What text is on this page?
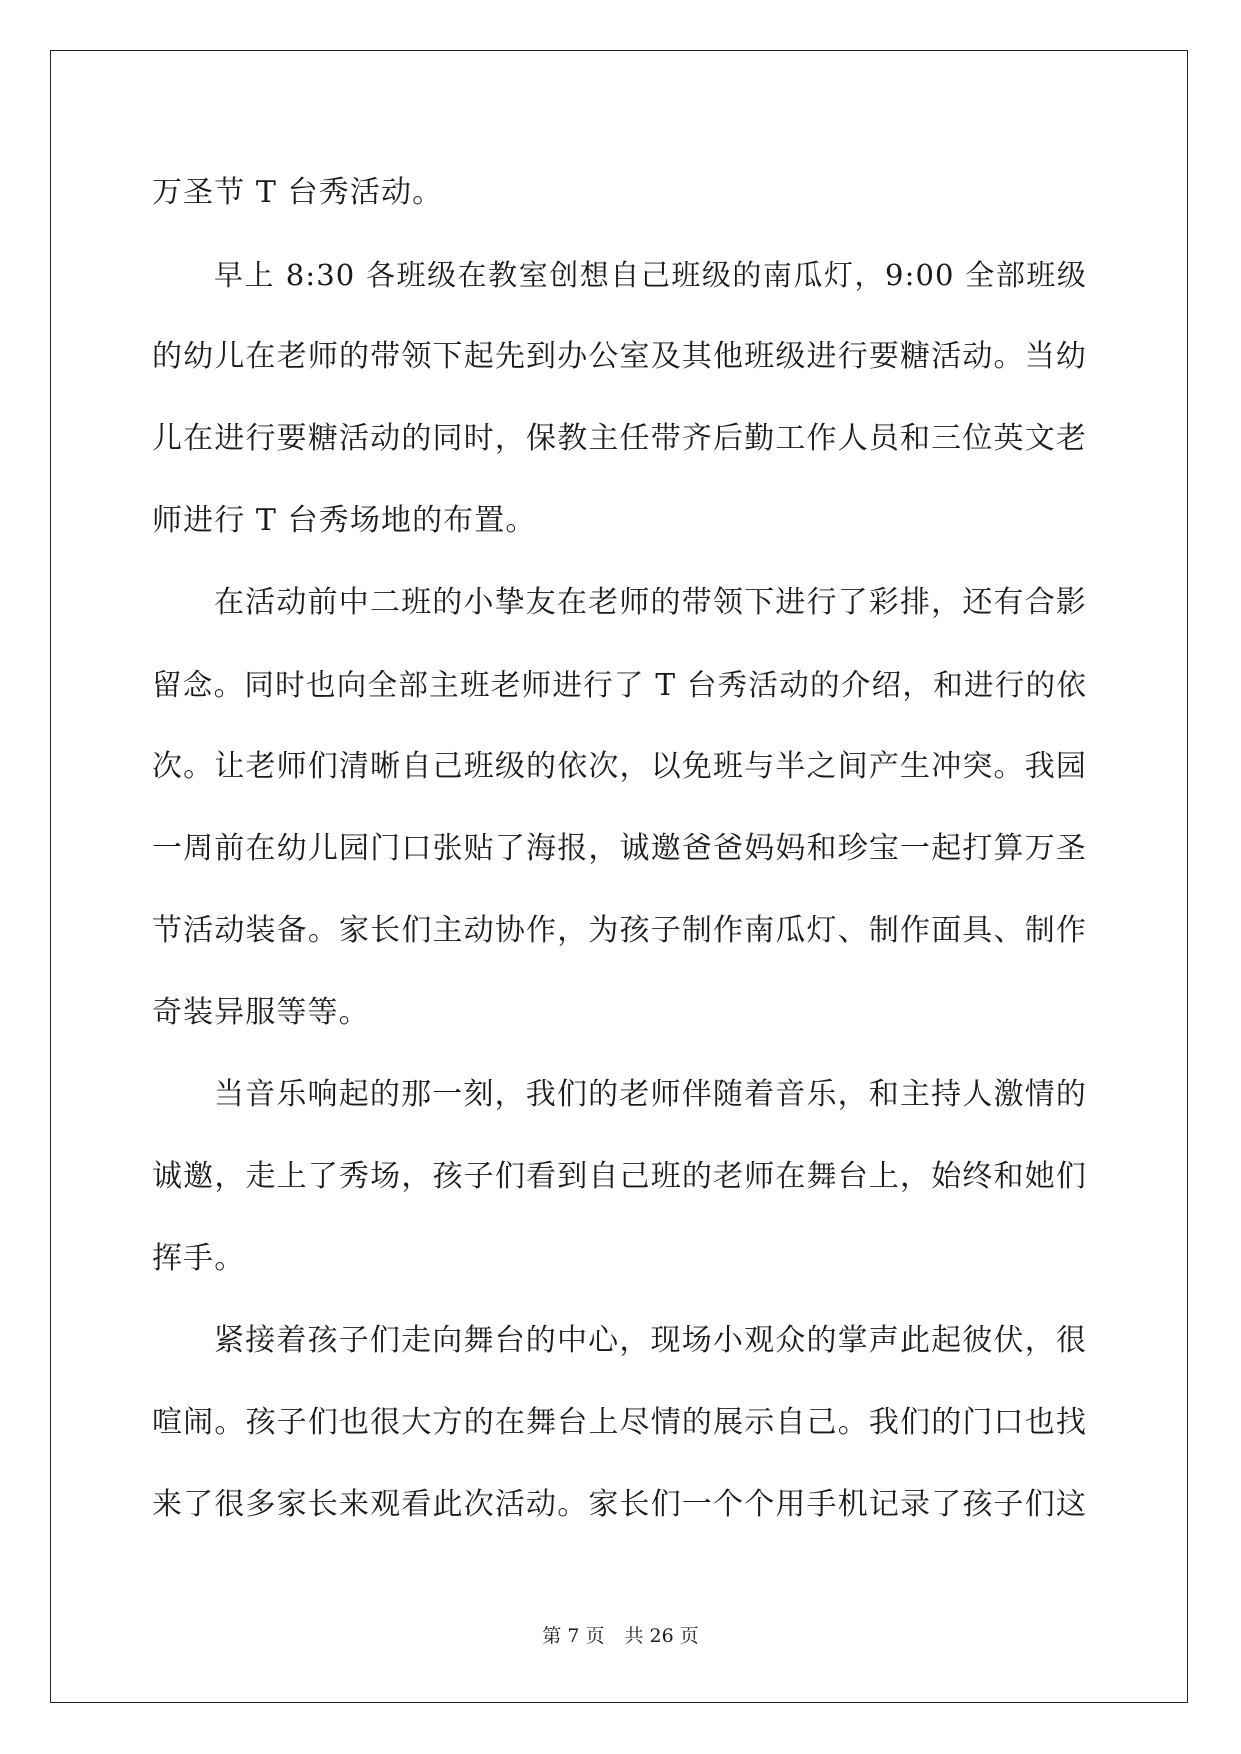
万圣节 T 台秀活动。
早上 8:30 各班级在教室创想自己班级的南瓜灯，9:00 全部班级
的幼儿在老师的带领下起先到办公室及其他班级进行要糖活动。当幼
儿在进行要糖活动的同时，保教主任带齐后勤工作人员和三位英文老
师进行 T 台秀场地的布置。
在活动前中二班的小挚友在老师的带领下进行了彩排，还有合影
留念。同时也向全部主班老师进行了 T 台秀活动的介绍，和进行的依
次。让老师们清晰自己班级的依次，以免班与半之间产生冲突。我园
一周前在幼儿园门口张贴了海报，诚邀爸爸妈妈和珍宝一起打算万圣
节活动装备。家长们主动协作，为孩子制作南瓜灯、制作面具、制作
奇装异服等等。
当音乐响起的那一刻，我们的老师伴随着音乐，和主持人激情的
诚邀，走上了秀场，孩子们看到自己班的老师在舞台上，始终和她们
挥手。
紧接着孩子们走向舞台的中心，现场小观众的掌声此起彼伏，很
喧闹。孩子们也很大方的在舞台上尽情的展示自己。我们的门口也找
来了很多家长来观看此次活动。家长们一个个用手机记录了孩子们这
第 7 页 共 26 页
